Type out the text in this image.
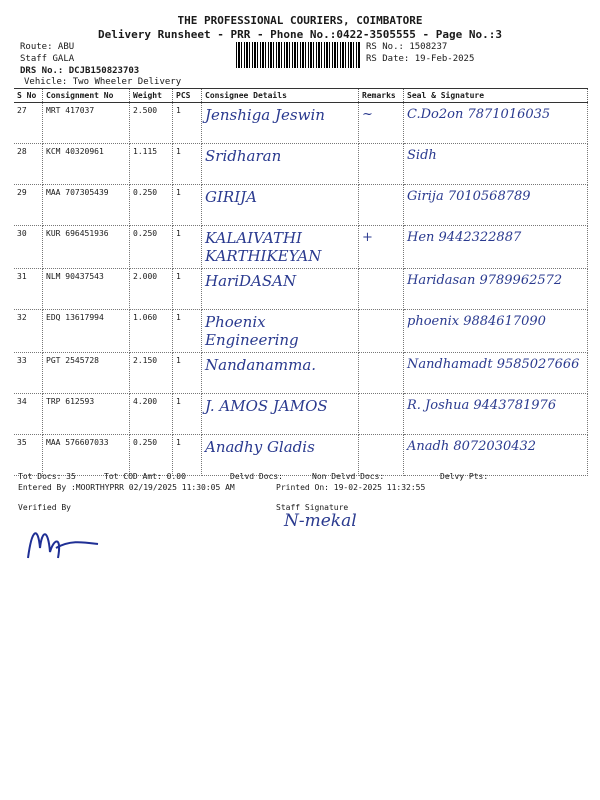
THE PROFESSIONAL COURIERS, COIMBATORE
Delivery Runsheet - PRR - Phone No.:0422-3505555 - Page No.:3
Route: ABU
Staff GALA
DRS No.: DCJB150823703
Vehicle: Two Wheeler Delivery
RS No.: 1508237
RS Date: 19-Feb-2025
S No	Consignment No	Weight	PCS	Consignee Details	Remarks	Seal & Signature
27	MRT 417037	2.500	1	Jenshiga Jeswin	~	C.Do2on 7871016035
28	KCM 40320961	1.115	1	Sridharan		Sidh
29	MAA 707305439	0.250	1	GIRIJA		Girija 7010568789
30	KUR 696451936	0.250	1	KALAIVATHI KARTHIKEYAN	+	Hen 9442322887
31	NLM 90437543	2.000	1	HariDASAN		Haridasan 9789962572
32	EDQ 13617994	1.060	1	Phoenix Engineering		phoenix 9884617090
33	PGT 2545728	2.150	1	Nandanamma.		Nandhamadt 9585027666
34	TRP 612593	4.200	1	J. AMOS JAMOS		R. Joshua 9443781976
35	MAA 576607033	0.250	1	Anadhy Gladis		Anadh 8072030432
Tot Docs: 35	Tot COD Amt: 0.00	Delvd Docs:	Non Delvd Docs:	Delvy Pts:
Entered By :MOORTHYPRR 02/19/2025 11:30:05 AM	Printed On: 19-02-2025 11:32:55
Verified By	Staff Signature
N-mekal
